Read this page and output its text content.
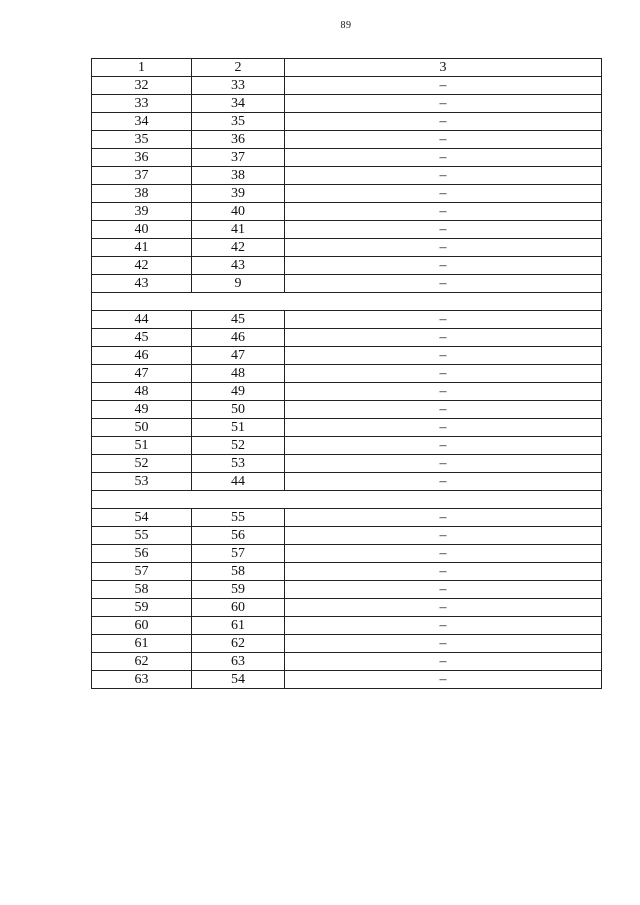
89
1	2	3
32	33	–
33	34	–
34	35	–
35	36	–
36	37	–
37	38	–
38	39	–
39	40	–
40	41	–
41	42	–
42	43	–
43	9	–

44	45	–
45	46	–
46	47	–
47	48	–
48	49	–
49	50	–
50	51	–
51	52	–
52	53	–
53	44	–

54	55	–
55	56	–
56	57	–
57	58	–
58	59	–
59	60	–
60	61	–
61	62	–
62	63	–
63	54	–
